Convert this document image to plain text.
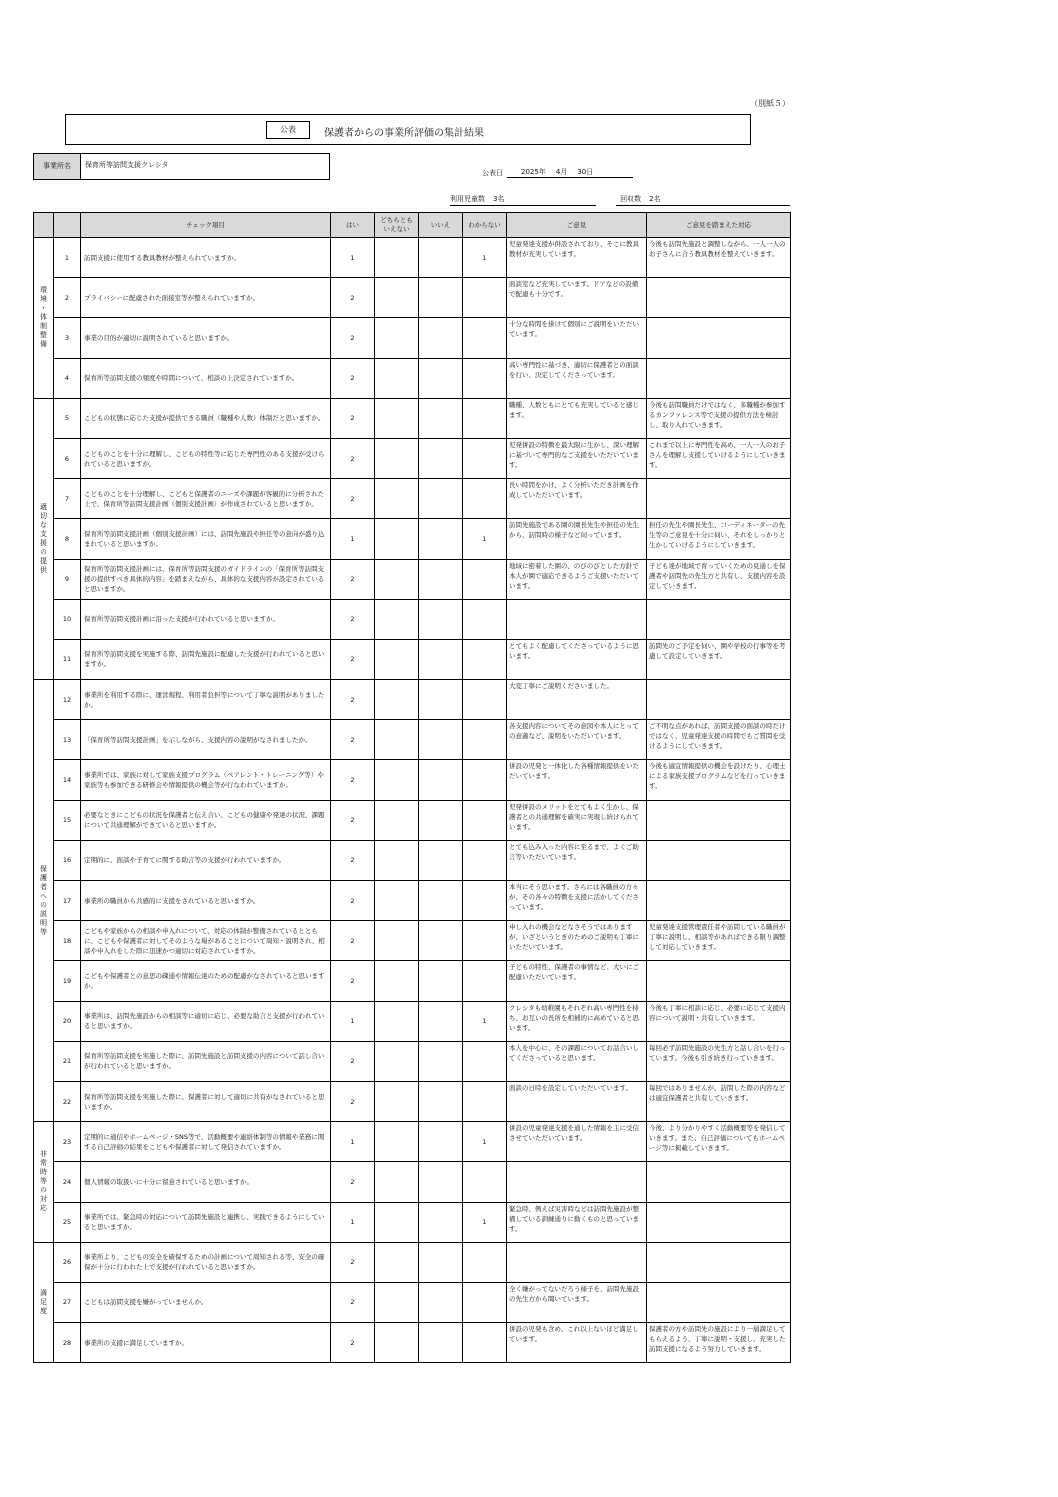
（別紙５）
公表	保護者からの事業所評価の集計結果
事業所名	保育所等訪問支援クレシタ
公表日	2025年 4月 30日
利用児童数 3名	回収数 2名
		チェック項目	はい	どちらとも
いえない	いいえ	わからない	ご意見	ご意見を踏まえた対応

環境・体制整備	1	訪問支援に使用する教具教材が整えられていますか。	1			1	児童発達支援が併設されており、そこに教具教材が充実しています。	今後も訪問先施設と調整しながら、一人一人のお子さんに合う教具教材を整えていきます。
	2	プライバシーに配慮された面接室等が整えられていますか。	2				面談室など充実しています。ドアなどの設備で配慮も十分です。	
	3	事業の目的が適切に説明されていると思いますか。	2				十分な時間を掛けて個別にご説明をいただいています。	
	4	保育所等訪問支援の頻度や時間について、相談の上決定されていますか。	2				高い専門性に基づき、適切に保護者との面談を行い、決定してくださっています。	

適切な支援の提供	5	こどもの状態に応じた支援が提供できる職員（職種や人数）体制だと思いますか。	2				職種、人数ともにとても充実していると感じます。	今後も訪問職員だけではなく、多職種が参加するカンファレンス等で支援の提供方法を検討し、取り入れていきます。
	6	こどものことを十分に理解し、こどもの特性等に応じた専門性のある支援が受けられていると思いますか。	2				児発併設の特徴を最大限に生かし、深い理解に基づいて専門的なご支援をいただいています。	これまで以上に専門性を高め、一人一人のお子さんを理解し支援していけるようにしていきます。
	7	こどものことを十分理解し、こどもと保護者のニーズや課題が客観的に分析された上で、保育所等訪問支援計画（個別支援計画）が作成されていると思いますか。	2				長い時間をかけ、よく分析いただき計画を作成していただいています。	
	8	保育所等訪問支援計画（個別支援計画）には、訪問先施設や担任等の意向が盛り込まれていると思いますか。	1			1	訪問先施設である園の園長先生や担任の先生から、訪問時の様子など伺っています。	担任の先生や園長先生、コーディネーターの先生等のご意見を十分に伺い、それをしっかりと生かしていけるようにしていきます。
	9	保育所等訪問支援計画には、保育所等訪問支援のガイドラインの「保育所等訪問支援の提供すべき具体的内容」を踏まえながら、具体的な支援内容が設定されていると思いますか。	2				地域に密着した園の、のびのびとした方針で本人が園で適応できるようご支援いただいています。	子ども達が地域で育っていくための見通しを保護者や訪問先の先生方と共有し、支援内容を設定していきます。
	10	保育所等訪問支援計画に沿った支援が行われていると思いますか。	2					
	11	保育所等訪問支援を実施する際、訪問先施設に配慮した支援が行われていると思いますか。	2				とてもよく配慮してくださっているように思います。	訪問先のご予定を伺い、園や学校の行事等を考慮して設定していきます。

保護者への説明等	12	事業所を利用する際に、運営規程、利用者負担等について丁寧な説明がありましたか。	2				大変丁寧にご説明くださいました。	
	13	「保育所等訪問支援計画」を示しながら、支援内容の説明がなされましたか。	2				各支援内容についてその意図や本人にとっての意義など、説明をいただいています。	ご不明な点があれば、訪問支援の面談の時だけではなく、児童発達支援の時間でもご質問を受けるようにしていきます。
	14	事業所では、家族に対して家族支援プログラム（ペアレント・トレーニング等）や家族等も参加できる研修会や情報提供の機会等が行なわれていますか。	2				併設の児発と一体化した各種情報提供をいただいています。	今後も適宜情報提供の機会を設けたり、心理士による家族支援プログラムなどを行っていきます。
	15	必要なときにこどもの状況を保護者と伝え合い、こどもの健康や発達の状況、課題について共通理解ができていると思いますか。	2				児発併設のメリットをとてもよく生かし、保護者との共通理解を確実に実現し続けられています。	
	16	定期的に、面談や子育てに関する助言等の支援が行われていますか。	2				とても込み入った内容に至るまで、よくご助言等いただいています。	
	17	事業所の職員から共感的に支援をされていると思いますか。	2				本当にそう思います。さらには各職員の方々が、その各々の特徴を支援に活かしてくださっています。	
	18	こどもや家族からの相談や申入れについて、対応の体制が整備されているとともに、こどもや保護者に対してそのような場があることについて周知・説明され、相談や申入れをした際に迅速かつ適切に対応されていますか。	2				申し入れの機会などなさそうではありますが、いざというときのためのご説明も丁寧にいただいています。	児童発達支援管理責任者や訪問している職員が丁寧に説明し、相談等があればできる限り調整して対応していきます。
	19	こどもや保護者との意思の疎通や情報伝達のための配慮がなされていると思いますか。	2				子どもの特性、保護者の事情など、大いにご配慮いただいています。	
	20	事業所は、訪問先施設からの相談等に適切に応じ、必要な助言と支援が行われていると思いますか。	1			1	クレシタも幼稚園もそれぞれ高い専門性を持ち、お互いの長所を相補的に高めていると思います。	今後も丁寧に相談に応じ、必要に応じて支援内容について説明・共有していきます。
	21	保育所等訪問支援を実施した際に、訪問先施設と訪問支援の内容について話し合いが行われていると思いますか。	2				本人を中心に、その課題についてお話合いしてくださっていると思います。	毎回必ず訪問先施設の先生方と話し合いを行っています。今後も引き続き行っていきます。
	22	保育所等訪問支援を実施した際に、保護者に対して適切に共有がなされていると思いますか。	2				面談の日時を設定していただいています。	毎回ではありませんが、訪問した際の内容などは適宜保護者と共有していきます。

非常時等の対応	23	定期的に通信やホームページ・SNS等で、活動概要や連絡体制等の情報や業務に関する自己評価の結果をこどもや保護者に対して発信されていますか。	1			1	併設の児童発達支援を通した情報を主に受信させていただいています。	今後、より分かりやすく活動概要等を発信していきます。また、自己評価についてもホームページ等に掲載していきます。
	24	個人情報の取扱いに十分に留意されていると思いますか。	2					
	25	事業所では、緊急時の対応について訪問先施設と連携し、実践できるようにしていると思いますか。	1			1	緊急時、例えば災害時などは訪問先施設が整備している訓練通りに動くものと思っています。	

満足度	26	事業所より、こどもの安全を確保するための計画について周知される等、安全の確保が十分に行われた上で支援が行われていると思いますか。	2					
	27	こどもは訪問支援を嫌がっていませんか。	2				全く嫌がってないだろう様子を、訪問先施設の先生方から聞いています。	
	28	事業所の支援に満足していますか。	2				併設の児発も含め、これ以上ないほど満足しています。	保護者の方や訪問先の施設により一層満足してもらえるよう、丁寧に説明・支援し、充実した訪問支援になるよう努力していきます。
